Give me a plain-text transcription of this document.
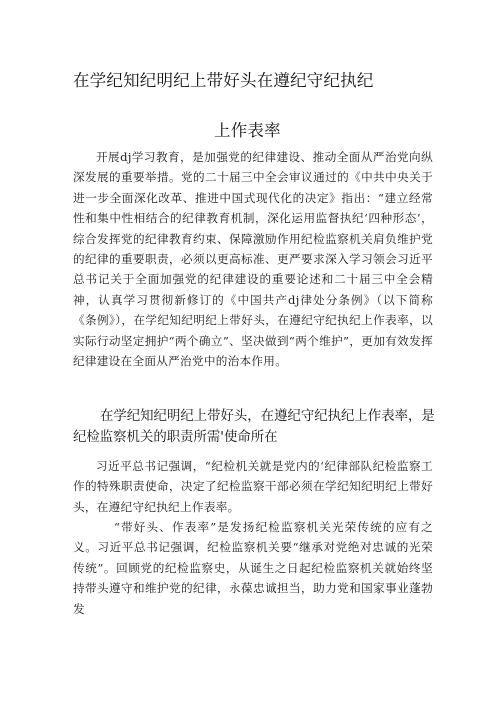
在学纪知纪明纪上带好头在遵纪守纪执纪
上作表率
开展dj学习教育，是加强党的纪律建设、推动全面从严治党向纵深发展的重要举措。党的二十届三中全会审议通过的《中共中央关于进一步全面深化改革、推进中国式现代化的决定》指出：“建立经常性和集中性相结合的纪律教育机制，深化运用监督执纪‘四种形态’，综合发挥党的纪律教育约束、保障激励作用纪检监察机关肩负维护党的纪律的重要职责，必须以更高标准、更严要求深入学习领会习近平总书记关于全面加强党的纪律建设的重要论述和二十届三中全会精神，认真学习贯彻新修订的《中国共产dj律处分条例》（以下简称《条例》），在学纪知纪明纪上带好头，在遵纪守纪执纪上作表率，以实际行动坚定拥护“两个确立”、坚决做到“两个维护”，更加有效发挥纪律建设在全面从严治党中的治本作用。
在学纪知纪明纪上带好头，在遵纪守纪执纪上作表率，是纪检监察机关的职责所需'使命所在
习近平总书记强调，“纪检机关就是党内的‘纪律部队纪检监察工作的特殊职责使命，决定了纪检监察干部必须在学纪知纪明纪上带好头，在遵纪守纪执纪上作表率。
“带好头、作表率”是发扬纪检监察机关光荣传统的应有之义。习近平总书记强调，纪检监察机关要“继承对党绝对忠诚的光荣传统”。回顾党的纪检监察史，从诞生之日起纪检监察机关就始终坚持带头遵守和维护党的纪律，永葆忠诚担当，助力党和国家事业蓬勃发
